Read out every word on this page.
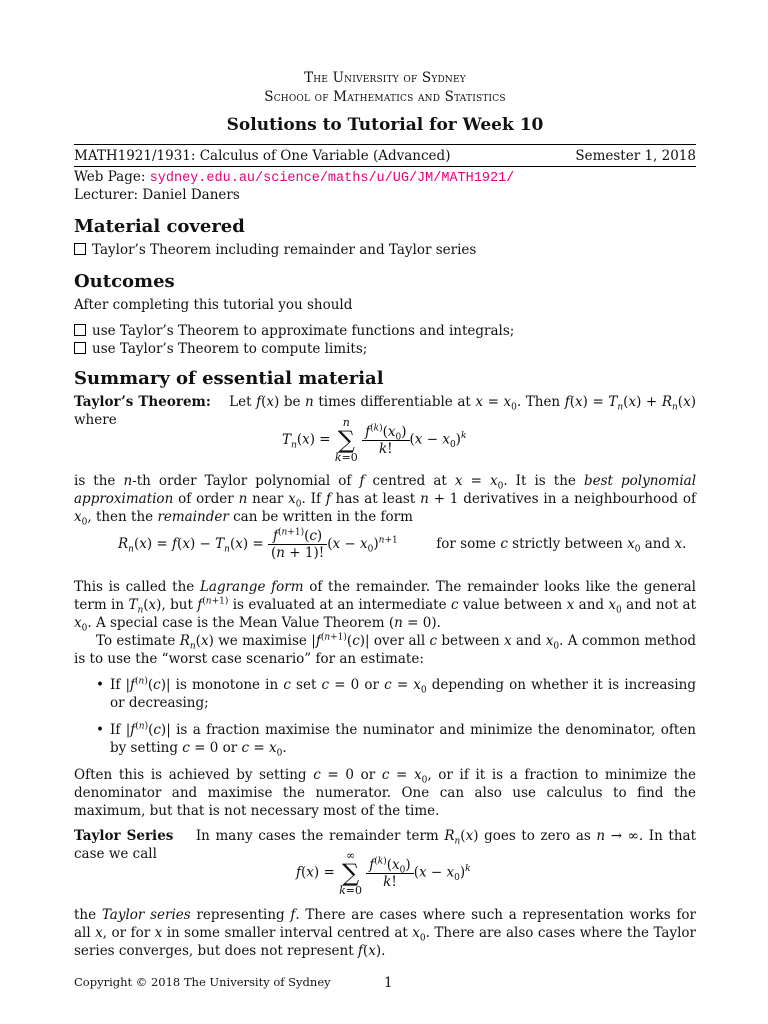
The University of Sydney
School of Mathematics and Statistics
Solutions to Tutorial for Week 10
MATH1921/1931: Calculus of One Variable (Advanced)	Semester 1, 2018
Web Page: sydney.edu.au/science/maths/u/UG/JM/MATH1921/
Lecturer: Daniel Daners
Material covered
Taylor’s Theorem including remainder and Taylor series
Outcomes
After completing this tutorial you should
use Taylor’s Theorem to approximate functions and integrals;
use Taylor’s Theorem to compute limits;
Summary of essential material
Taylor’s Theorem:    Let f(x) be n times differentiable at $x = x_0$. Then $f(x) = T_n(x) + R_n(x)$ where
$T_n(x) = n$
∑
k=0
$\frac{f^{(k)}(x_0)}{k!} (x - x_0)^k$
is the n-th order Taylor polynomial of f centred at $x = x_0$. It is the best polynomial approximation of order n near $x_0$. If f has at least n + 1 derivatives in a neighbourhood of $x_0$, then the remainder can be written in the form
$R_n(x) = f(x) - T_n(x) = \frac{f^{(n+1)}(c)}{(n + 1)!} (x - x_0)^{n+1}$	for some c strictly between $x_0$ and x.
This is called the Lagrange form of the remainder. The remainder looks like the general term in $T_n(x)$, but $f^{(n+1)}$ is evaluated at an intermediate c value between x and $x_0$ and not at $x_0$. A special case is the Mean Value Theorem (n = 0).
To estimate $R_n(x)$ we maximise $|f^{(n+1)}(c)|$ over all c between x and $x_0$. A common method is to use the “worst case scenario” for an estimate:
• If $|f^{(n)}(c)|$ is monotone in c set c = 0 or $c = x_0$ depending on whether it is increasing or decreasing;
• If $|f^{(n)}(c)|$ is a fraction maximise the numinator and minimize the denominator, often by setting c = 0 or $c = x_0$.
Often this is achieved by setting c = 0 or $c = x_0$, or if it is a fraction to minimize the denominator and maximise the numerator. One can also use calculus to find the maximum, but that is not necessary most of the time.
Taylor Series    In many cases the remainder term $R_n(x)$ goes to zero as n → ∞. In that case we call
f(x) = ∞
∑
k=0
$\frac{f^{(k)}(x_0)}{k!} (x - x_0)^k$
the Taylor series representing f. There are cases where such a representation works for all x, or for x in some smaller interval centred at $x_0$. There are also cases where the Taylor series converges, but does not represent f(x).
Copyright © 2018 The University of Sydney	1
